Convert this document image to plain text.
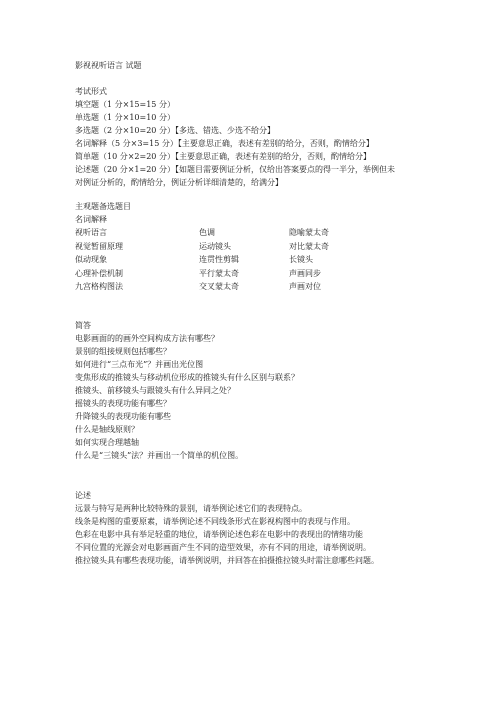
影视视听语言 试题
考试形式
填空题（1 分×15=15 分）
单选题（1 分×10=10 分）
多选题（2 分×10=20 分）【多选、错选、少选不给分】
名词解释（5 分×3=15 分）【主要意思正确，表述有差别的给分，否则，酌情给分】
简单题（10 分×2=20 分）【主要意思正确，表述有差别的给分，否则，酌情给分】
论述题（20 分×1=20 分）【如题目需要例证分析，仅给出答案要点的得一半分，举例但未
对例证分析的，酌情给分，例证分析详细清楚的，给满分】
主观题备选题目
名词解释
视听语言	色调	隐喻蒙太奇
视觉暂留原理	运动镜头	对比蒙太奇
似动现象	连贯性剪辑	长镜头
心理补偿机制	平行蒙太奇	声画同步
九宫格构图法	交叉蒙太奇	声画对位
简答
电影画面的的画外空间构成方法有哪些？
景别的组接规则包括哪些？
如何进行“三点布光”？并画出光位图
变焦形成的推镜头与移动机位形成的推镜头有什么区别与联系？
推镜头、前移镜头与跟镜头有什么异同之处？
摇镜头的表现功能有哪些？
升降镜头的表现功能有哪些
什么是轴线原则？
如何实现合理越轴
什么是“三镜头”法？并画出一个简单的机位图。
论述
远景与特写是两种比较特殊的景别，请举例论述它们的表现特点。
线条是构图的重要原素，请举例论述不同线条形式在影视构图中的表现与作用。
色彩在电影中具有举足轻重的地位，请举例论述色彩在电影中的表现出的情绪功能
不同位置的光源会对电影画面产生不同的造型效果，亦有不同的用途，请举例说明。
推拉镜头具有哪些表现功能，请举例说明，并回答在拍摄推拉镜头时需注意哪些问题。
